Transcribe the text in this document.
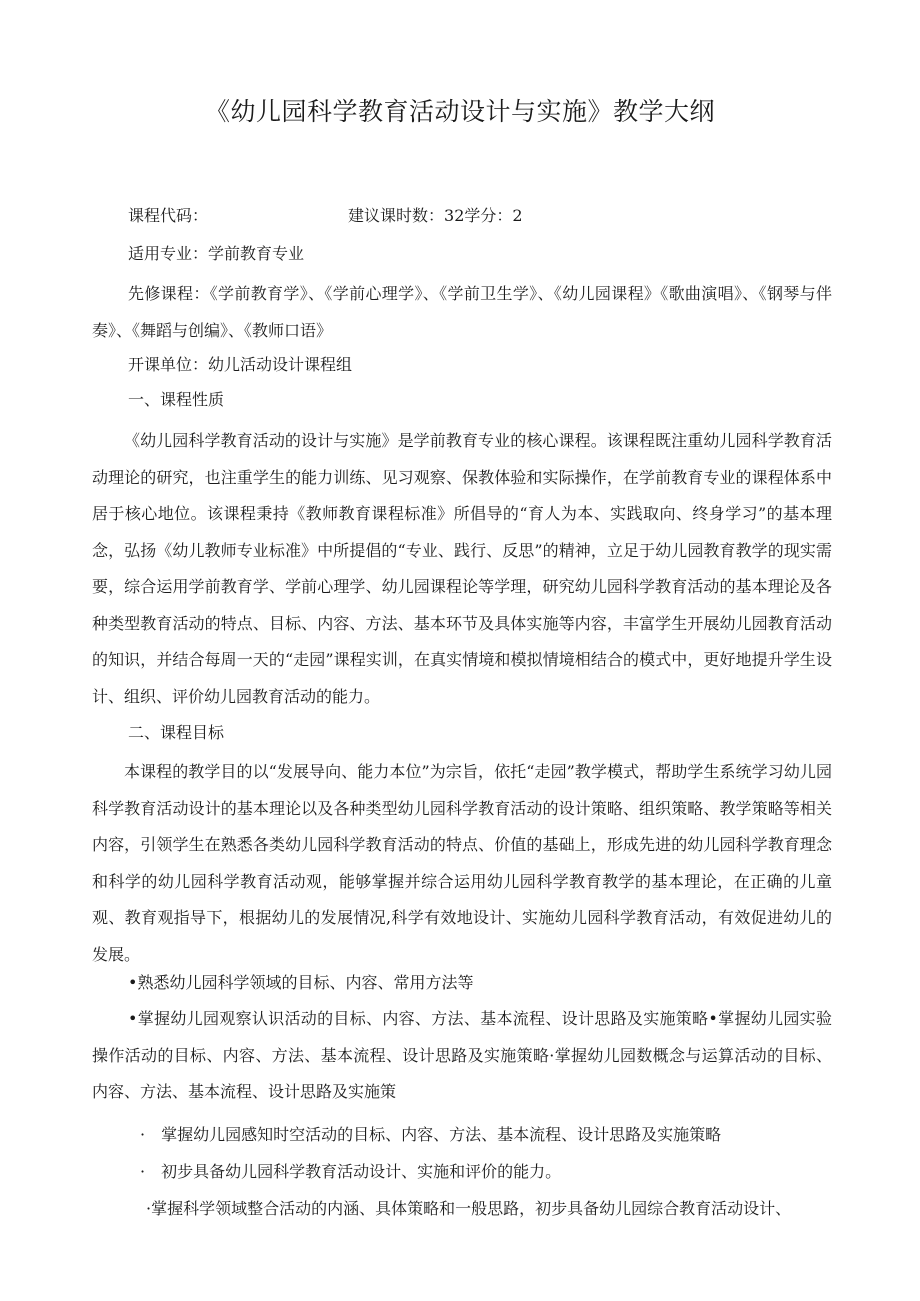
《幼儿园科学教育活动设计与实施》教学大纲
课程代码：	建议课时数：32学分：2
适用专业：学前教育专业
先修课程：《学前教育学》、《学前心理学》、《学前卫生学》、《幼儿园课程》《歌曲演唱》、《钢琴与伴奏》、《舞蹈与创编》、《教师口语》
开课单位：幼儿活动设计课程组
一、课程性质
《幼儿园科学教育活动的设计与实施》是学前教育专业的核心课程。该课程既注重幼儿园科学教育活动理论的研究，也注重学生的能力训练、见习观察、保教体验和实际操作，在学前教育专业的课程体系中居于核心地位。该课程秉持《教师教育课程标准》所倡导的“育人为本、实践取向、终身学习”的基本理念，弘扬《幼儿教师专业标准》中所提倡的“专业、践行、反思”的精神，立足于幼儿园教育教学的现实需要，综合运用学前教育学、学前心理学、幼儿园课程论等学理，研究幼儿园科学教育活动的基本理论及各种类型教育活动的特点、目标、内容、方法、基本环节及具体实施等内容，丰富学生开展幼儿园教育活动的知识，并结合每周一天的“走园”课程实训，在真实情境和模拟情境相结合的模式中，更好地提升学生设计、组织、评价幼儿园教育活动的能力。
二、课程目标
本课程的教学目的以“发展导向、能力本位”为宗旨，依托“走园”教学模式，帮助学生系统学习幼儿园科学教育活动设计的基本理论以及各种类型幼儿园科学教育活动的设计策略、组织策略、教学策略等相关内容，引领学生在熟悉各类幼儿园科学教育活动的特点、价值的基础上，形成先进的幼儿园科学教育理念和科学的幼儿园科学教育活动观，能够掌握并综合运用幼儿园科学教育教学的基本理论，在正确的儿童观、教育观指导下，根据幼儿的发展情况,科学有效地设计、实施幼儿园科学教育活动，有效促进幼儿的发展。
•熟悉幼儿园科学领域的目标、内容、常用方法等
•掌握幼儿园观察认识活动的目标、内容、方法、基本流程、设计思路及实施策略•掌握幼儿园实验操作活动的目标、内容、方法、基本流程、设计思路及实施策略·掌握幼儿园数概念与运算活动的目标、内容、方法、基本流程、设计思路及实施策
·　掌握幼儿园感知时空活动的目标、内容、方法、基本流程、设计思路及实施策略
·　初步具备幼儿园科学教育活动设计、实施和评价的能力。
·掌握科学领域整合活动的内涵、具体策略和一般思路，初步具备幼儿园综合教育活动设计、
